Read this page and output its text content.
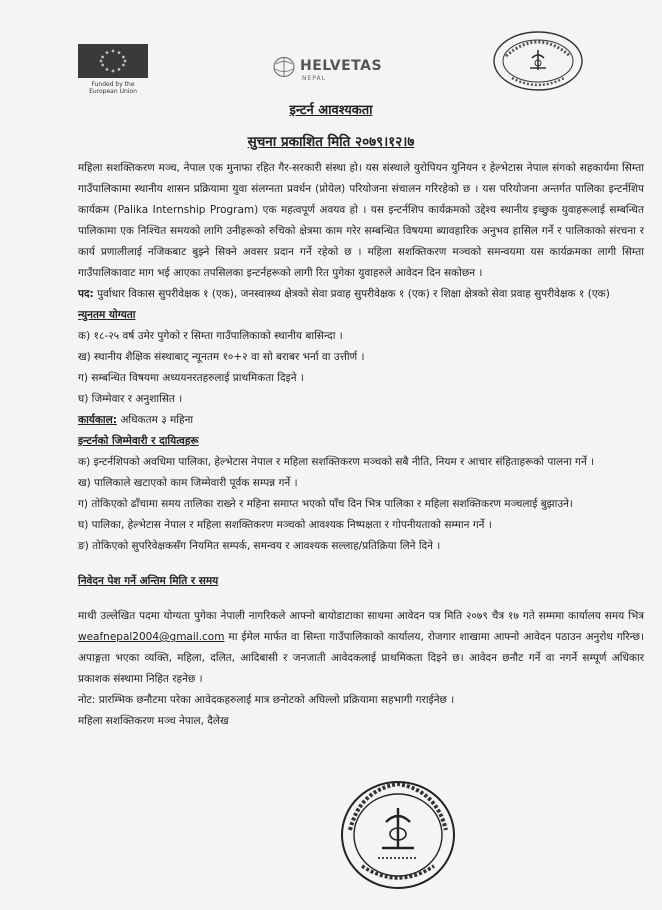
Funded by the European Union
HELVETAS
NEPAL
इन्टर्न आवश्यकता
सुचना प्रकाशित मिति २०७९।१२।७

महिला सशक्तिकरण मञ्च, नेपाल एक मुनाफा रहित गैर-सरकारी संस्था हो। यस संस्थाले युरोपियन युनियन र हेल्भेटास नेपाल संगको सहकार्यमा सिम्ता गाउँपालिकामा स्थानीय शासन प्रक्रियामा युवा संलग्नता प्रवर्धन (प्रोयेल) परियोजना संचालन गरिरहेको छ । यस परियोजना अन्तर्गत पालिका इन्टर्नशिप कार्यक्रम (Palika Internship Program) एक महत्वपूर्ण अवयव हो । यस इन्टर्नशिप कार्यक्रमको उद्देश्य स्थानीय इच्छुक युवाहरूलाई सम्बन्धित पालिकामा एक निश्चित समयको लागि उनीहरूको रुचिको क्षेत्रमा काम गरेर सम्बन्धित विषयमा ब्यावहारिक अनुभव हासिल गर्ने र पालिकाको संरचना र कार्य प्रणालीलाई नजिकबाट बुझ्ने सिक्ने अवसर प्रदान गर्ने रहेको छ । महिला सशक्तिकरण मञ्चको समन्वयमा यस कार्यक्रमका लागी सिम्ता गाउँपालिकावाट माग भई आएका तपसिलका इन्टर्नहरूको लागी रित पुगेका युवाहरुले आवेदन दिन सकोछन ।

पद: पुर्वाधार विकास सुपरीवेक्षक १ (एक), जनस्वास्थ्य क्षेत्रको सेवा प्रवाह सुपरीवेक्षक १ (एक) र शिक्षा क्षेत्रको सेवा प्रवाह सुपरीवेक्षक १ (एक)

न्युनतम योग्यता

क) १८-२५ वर्ष उमेर पुगेको र सिम्ता गाउँपालिकाको स्थानीय बासिन्दा ।

ख) स्थानीय शैक्षिक संस्थाबाट् न्यूनतम १०+२ वा सो बराबर भर्ना वा उत्तीर्ण ।

ग) सम्बन्धित विषयमा अध्ययनरतहरुलाई प्राथमिकता दिइने ।

घ) जिम्मेवार र अनुशासित ।

कार्यकाल: अधिकतम ३ महिना

इन्टर्नको जिम्मेवारी र दायित्वहरू

क) इन्टर्नशिपको अवधिमा पालिका, हेल्भेटास नेपाल र महिला सशक्तिकरण मञ्चको सबै नीति, नियम र आचार संहिताहरूको पालना गर्ने ।

ख) पालिकाले खटाएको काम जिम्मेवारी पूर्वक सम्पन्न गर्ने ।

ग) तोकिएको ढाँचामा समय तालिका राख्ने र महिना समाप्त भएको पाँच दिन भित्र पालिका र महिला सशक्तिकरण मञ्चलाई बुझाउने।

घ) पालिका, हेल्भेटास नेपाल र महिला सशक्तिकरण मञ्चको आवश्यक निष्पक्षता र गोपनीयताको सम्मान गर्ने ।

ङ) तोकिएको सुपरिवेक्षकसँग नियमित सम्पर्क, समन्वय र आवश्यक सल्लाह/प्रतिक्रिया लिने दिने ।

निवेदन पेश गर्ने अन्तिम मिति र समय

माथी उल्लेखित पदमा योग्यता पुगेका नेपाली नागरिकले आफ्नो बायोडाटाका साथमा आवेदन पत्र मिति २०७९ चैत्र १७ गते सम्ममा कार्यालय समय भित्र weafnepal2004@gmail.com मा ईमेल मार्फत वा सिम्ता गाउँपालिकाको कार्यालय, रोजगार शाखामा आफ्नो आवेदन पठाउन अनुरोध गरिन्छ। अपाङ्गता भएका व्यक्ति, महिला, दलित, आदिबासी र जनजाती आवेदकलाई प्राथमिकता दिइने छ। आवेदन छनौट गर्ने वा नगर्ने सम्पूर्ण अधिकार प्रकाशक संस्थामा निहित रहनेछ ।

नोट: प्रारम्भिक छनौटमा परेका आवेदकहरुलाई मात्र छनोटको अघिल्लो प्रक्रियामा सहभागी गराईनेछ ।

महिला सशक्तिकरण मञ्च नेपाल, दैलेख
